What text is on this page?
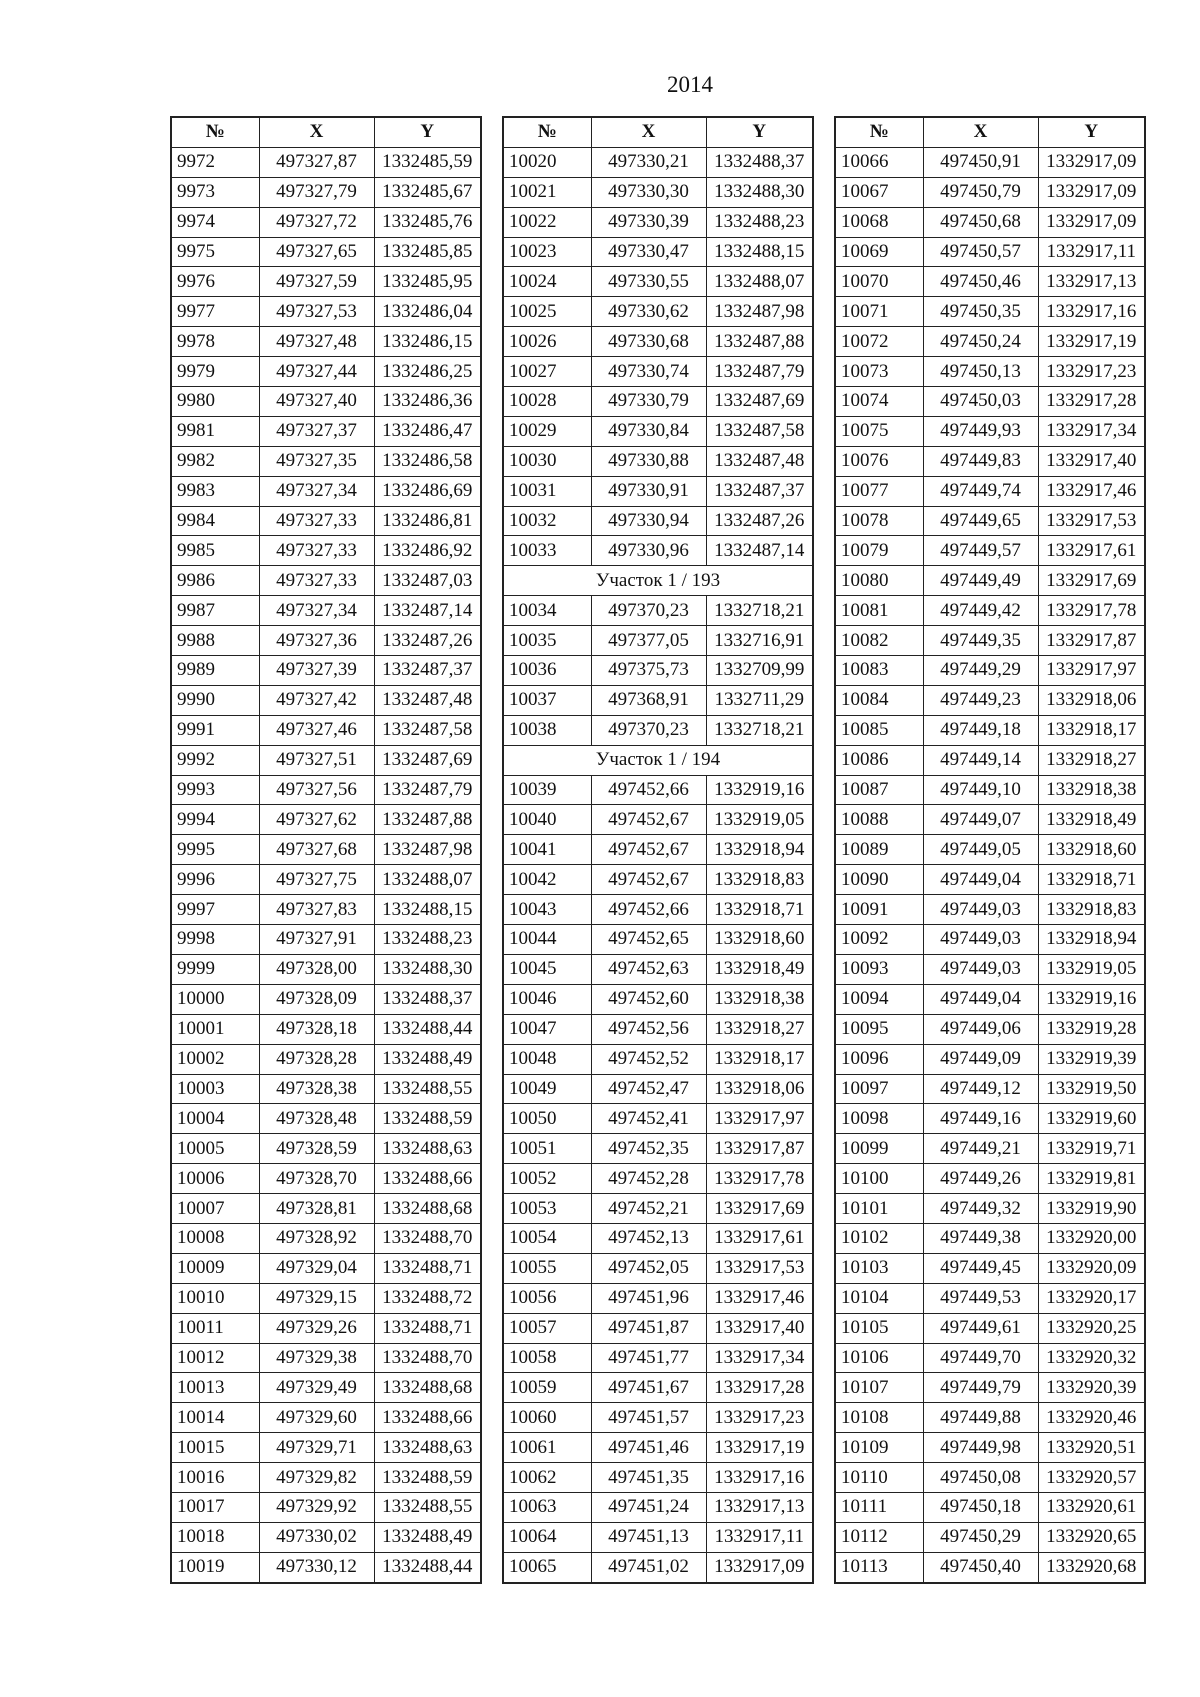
2014
№	X	Y
9972	497327,87	1332485,59
9973	497327,79	1332485,67
9974	497327,72	1332485,76
9975	497327,65	1332485,85
9976	497327,59	1332485,95
9977	497327,53	1332486,04
9978	497327,48	1332486,15
9979	497327,44	1332486,25
9980	497327,40	1332486,36
9981	497327,37	1332486,47
9982	497327,35	1332486,58
9983	497327,34	1332486,69
9984	497327,33	1332486,81
9985	497327,33	1332486,92
9986	497327,33	1332487,03
9987	497327,34	1332487,14
9988	497327,36	1332487,26
9989	497327,39	1332487,37
9990	497327,42	1332487,48
9991	497327,46	1332487,58
9992	497327,51	1332487,69
9993	497327,56	1332487,79
9994	497327,62	1332487,88
9995	497327,68	1332487,98
9996	497327,75	1332488,07
9997	497327,83	1332488,15
9998	497327,91	1332488,23
9999	497328,00	1332488,30
10000	497328,09	1332488,37
10001	497328,18	1332488,44
10002	497328,28	1332488,49
10003	497328,38	1332488,55
10004	497328,48	1332488,59
10005	497328,59	1332488,63
10006	497328,70	1332488,66
10007	497328,81	1332488,68
10008	497328,92	1332488,70
10009	497329,04	1332488,71
10010	497329,15	1332488,72
10011	497329,26	1332488,71
10012	497329,38	1332488,70
10013	497329,49	1332488,68
10014	497329,60	1332488,66
10015	497329,71	1332488,63
10016	497329,82	1332488,59
10017	497329,92	1332488,55
10018	497330,02	1332488,49
10019	497330,12	1332488,44
№	X	Y
10020	497330,21	1332488,37
10021	497330,30	1332488,30
10022	497330,39	1332488,23
10023	497330,47	1332488,15
10024	497330,55	1332488,07
10025	497330,62	1332487,98
10026	497330,68	1332487,88
10027	497330,74	1332487,79
10028	497330,79	1332487,69
10029	497330,84	1332487,58
10030	497330,88	1332487,48
10031	497330,91	1332487,37
10032	497330,94	1332487,26
10033	497330,96	1332487,14
Участок 1 / 193		
10034	497370,23	1332718,21
10035	497377,05	1332716,91
10036	497375,73	1332709,99
10037	497368,91	1332711,29
10038	497370,23	1332718,21
Участок 1 / 194		
10039	497452,66	1332919,16
10040	497452,67	1332919,05
10041	497452,67	1332918,94
10042	497452,67	1332918,83
10043	497452,66	1332918,71
10044	497452,65	1332918,60
10045	497452,63	1332918,49
10046	497452,60	1332918,38
10047	497452,56	1332918,27
10048	497452,52	1332918,17
10049	497452,47	1332918,06
10050	497452,41	1332917,97
10051	497452,35	1332917,87
10052	497452,28	1332917,78
10053	497452,21	1332917,69
10054	497452,13	1332917,61
10055	497452,05	1332917,53
10056	497451,96	1332917,46
10057	497451,87	1332917,40
10058	497451,77	1332917,34
10059	497451,67	1332917,28
10060	497451,57	1332917,23
10061	497451,46	1332917,19
10062	497451,35	1332917,16
10063	497451,24	1332917,13
10064	497451,13	1332917,11
10065	497451,02	1332917,09
№	X	Y
10066	497450,91	1332917,09
10067	497450,79	1332917,09
10068	497450,68	1332917,09
10069	497450,57	1332917,11
10070	497450,46	1332917,13
10071	497450,35	1332917,16
10072	497450,24	1332917,19
10073	497450,13	1332917,23
10074	497450,03	1332917,28
10075	497449,93	1332917,34
10076	497449,83	1332917,40
10077	497449,74	1332917,46
10078	497449,65	1332917,53
10079	497449,57	1332917,61
10080	497449,49	1332917,69
10081	497449,42	1332917,78
10082	497449,35	1332917,87
10083	497449,29	1332917,97
10084	497449,23	1332918,06
10085	497449,18	1332918,17
10086	497449,14	1332918,27
10087	497449,10	1332918,38
10088	497449,07	1332918,49
10089	497449,05	1332918,60
10090	497449,04	1332918,71
10091	497449,03	1332918,83
10092	497449,03	1332918,94
10093	497449,03	1332919,05
10094	497449,04	1332919,16
10095	497449,06	1332919,28
10096	497449,09	1332919,39
10097	497449,12	1332919,50
10098	497449,16	1332919,60
10099	497449,21	1332919,71
10100	497449,26	1332919,81
10101	497449,32	1332919,90
10102	497449,38	1332920,00
10103	497449,45	1332920,09
10104	497449,53	1332920,17
10105	497449,61	1332920,25
10106	497449,70	1332920,32
10107	497449,79	1332920,39
10108	497449,88	1332920,46
10109	497449,98	1332920,51
10110	497450,08	1332920,57
10111	497450,18	1332920,61
10112	497450,29	1332920,65
10113	497450,40	1332920,68
